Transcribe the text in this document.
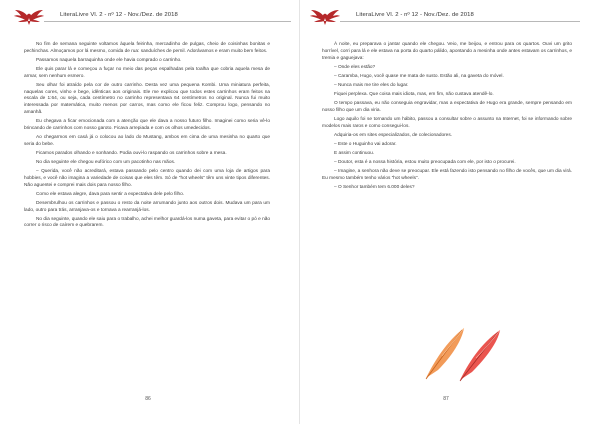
LiteraLivre Vl. 2 - nº 12 - Nov./Dez. de 2018

No fim de semana seguinte voltamos àquela feirinha, mercadinho de pulgas, cheio de coisinhas bonitas e pechinchas. Almoçamos por lá mesmo, comida de rua: sanduíches de pernil. Adorávamos e eram muito bem feitos.

Passamos naquela barraquinha onde ele havia comprado o carrinho.

Ele quis parar lá e começou a fuçar no meio das peças espalhadas pela toalha que cobria aquela mesa de armar, sem nenhum esmero.

Seu olhar foi atraído pela cor de outro carrinho. Desta vez uma pequena Kombi. Uma miniatura perfeita, naquelas cores, vinho e bege, idênticas aos originais. Ele me explicou que todos estes carrinhos eram feitos na escala de 1:64, ou seja, cada centímetro no carrinho representava 64 centímetros no original. Nunca fui muito interessada por matemática, muito menos por carros, mas como ele ficou feliz. Comprou logo, pensando no amanhã.

Eu chegava a ficar emocionada com a atenção que ele dava a nosso futuro filho. Imaginei como seria vê-lo brincando de carrinhos com nosso garoto. Ficava arrepiada e com os olhos umedecidos.

Ao chegarmos em casá já o colocou ao lado do Mustang, ambos em cima de uma mesinha no quarto que seria do bebe.

Ficamos parados olhando e sonhando. Podia ouvi-lo raspando os carrinhos sobre a mesa.

No dia seguinte ele chegou eufórico com um pacotinho nas mãos.

– Querida, você não acreditará, estava passando pelo centro quando dei com uma loja de artigos para hobbies, e você não imagina a variedade de coisas que eles têm. Só de “hot wheels” têm uns vinte tipos diferentes. Não aguentei e comprei mais dois para nosso filho.

Como ele estava alegre, dava para sentir a expectativa dele pelo filho.

Desembrulhou os carrinhos e passou o resto da noite arrumando junto aos outros dois. Mudava um para um lado, outro para trás, arranjava-os e tornava a rearranjá-los.

No dia seguinte, quando ele saiu para o trabalho, achei melhor guardá-los numa gaveta, para evitar o pó e não correr o risco de caírem e quebrarem.

86
LiteraLivre Vl. 2 - nº 12 - Nov./Dez. de 2018

À noite, eu preparava o jantar quando ele chegou. Veio, me beijou, e entrou para os quartos. Ouvi um grito horrível, corri para lá e ele estava na porta do quarto pálido, apontando a mesinha onde antes estavam os carrinhos, e tremia e gaguejava:

– Onde eles estão?

– Caramba, Hugo, você quase me mata de susto. Estão ali, na gaveta do móvel.

– Nunca mais me tire eles do lugar.

Fiquei perplexa. Que coisa mais idiota, mas, em fim, não custava atendê-lo.

O tempo passava, eu não conseguia engravidar, mas a expectativa de Hugo era grande, sempre pensando em nosso filho que um dia viria.

Logo aquilo foi se tornando um hábito, passou a consultar sobre o assunto na Internet, foi se informando sobre modelos mais raros e como consegui-los.

Adquiria-os em sites especializados, de colecionadores.

– Este o Huguinho vai adorar.

E assim continuou.

– Doutor, esta é a nossa história, estou muito preocupada com ele, por isto o procurei.

– Imagine, a senhora não deve se preocupar. Ele está fazendo isto pensando no filho de vocês, que um dia virá. Eu mesmo também tenho vários “hot wheels”.

– O Senhor também tem 6.000 deles?

87
